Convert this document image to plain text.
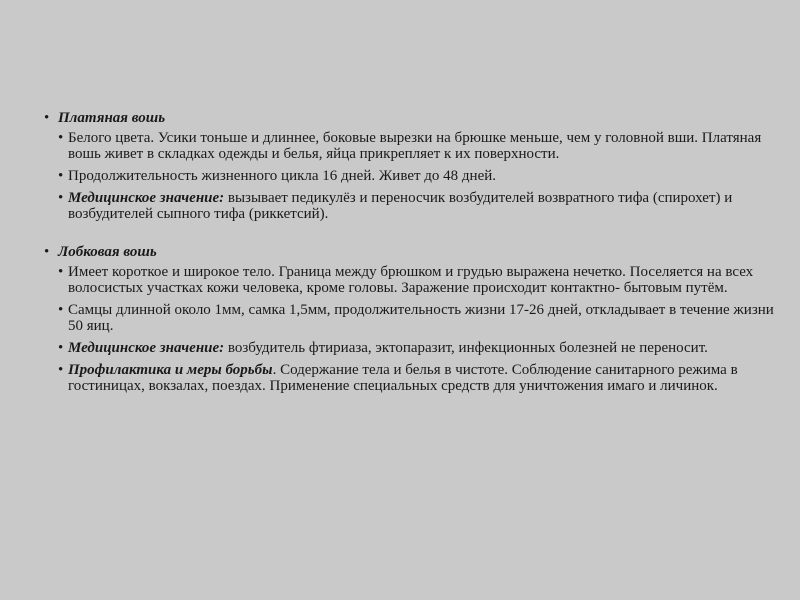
• Платяная вошь
• Белого цвета. Усики тоньше и длиннее, боковые вырезки на брюшке меньше, чем у головной вши. Платяная вошь живет в складках одежды и белья, яйца прикрепляет к их поверхности.
• Продолжительность жизненного цикла 16 дней. Живет до 48 дней.
• Медицинское значение: вызывает педикулёз и переносчик возбудителей возвратного тифа (спирохет) и возбудителей сыпного тифа (риккетсий).
• Лобковая вошь
• Имеет короткое и широкое тело. Граница между брюшком и грудью выражена нечетко. Поселяется на всех волосистых участках кожи человека, кроме головы. Заражение происходит контактно- бытовым путём.
• Самцы длинной около 1мм, самка 1,5мм, продолжительность жизни 17-26 дней, откладывает в течение жизни 50 яиц.
• Медицинское значение: возбудитель фтириаза, эктопаразит, инфекционных болезней не переносит.
• Профилактика и меры борьбы. Содержание тела и белья в чистоте. Соблюдение санитарного режима в гостиницах, вокзалах, поездах. Применение специальных средств для уничтожения имаго и личинок.
